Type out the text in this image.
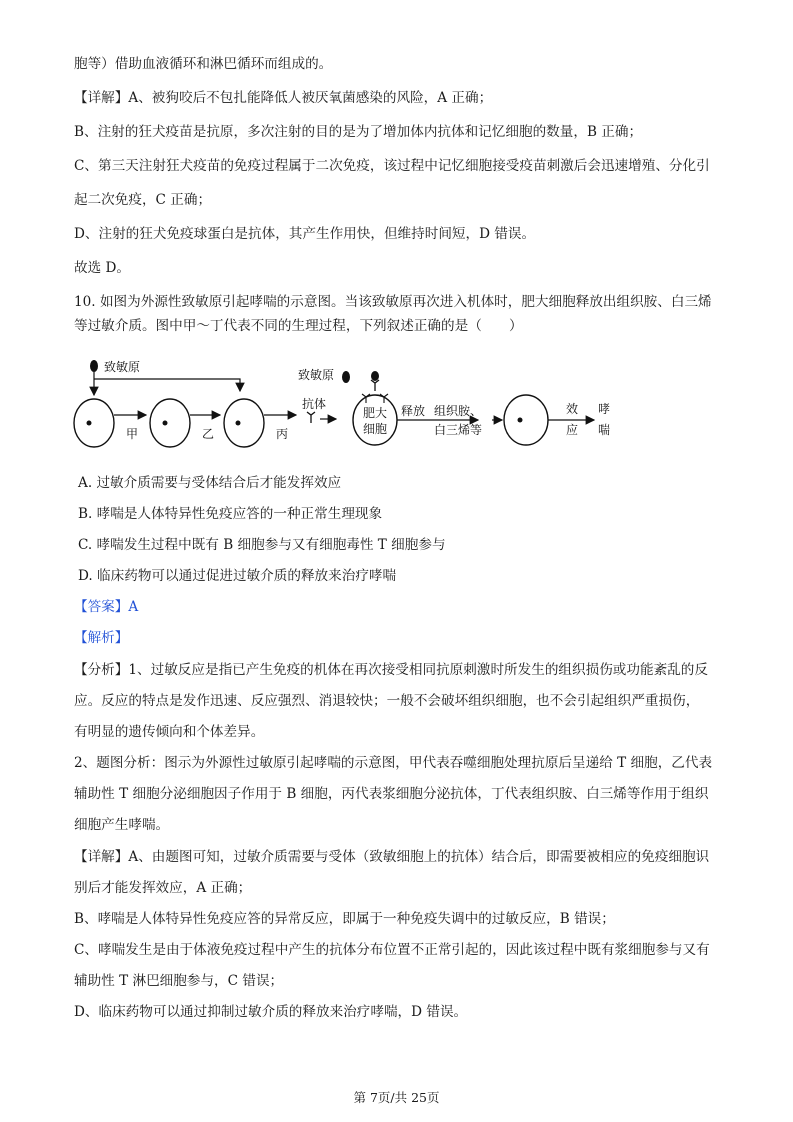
胞等）借助血液循环和淋巴循环而组成的。
【详解】A、被狗咬后不包扎能降低人被厌氧菌感染的风险，A 正确；
B、注射的狂犬疫苗是抗原，多次注射的目的是为了增加体内抗体和记忆细胞的数量，B 正确；
C、第三天注射狂犬疫苗的免疫过程属于二次免疫，该过程中记忆细胞接受疫苗刺激后会迅速增殖、分化引
起二次免疫，C 正确；
D、注射的狂犬免疫球蛋白是抗体，其产生作用快，但维持时间短，D 错误。
故选 D。
10. 如图为外源性致敏原引起哮喘的示意图。当该致敏原再次进入机体时，肥大细胞释放出组织胺、白三烯
等过敏介质。图中甲～丁代表不同的生理过程，下列叙述正确的是（　　）
致敏原
甲	乙	丙
抗体
致敏原
肥大
细胞
释放 组织胺、
白三烯等
效
应
哮
喘
A. 过敏介质需要与受体结合后才能发挥效应
B. 哮喘是人体特异性免疫应答的一种正常生理现象
C. 哮喘发生过程中既有 B 细胞参与又有细胞毒性 T 细胞参与
D. 临床药物可以通过促进过敏介质的释放来治疗哮喘
【答案】A
【解析】
【分析】1、过敏反应是指已产生免疫的机体在再次接受相同抗原刺激时所发生的组织损伤或功能紊乱的反
应。反应的特点是发作迅速、反应强烈、消退较快；一般不会破坏组织细胞，也不会引起组织严重损伤，
有明显的遗传倾向和个体差异。
2、题图分析：图示为外源性过敏原引起哮喘的示意图，甲代表吞噬细胞处理抗原后呈递给 T 细胞，乙代表
辅助性 T 细胞分泌细胞因子作用于 B 细胞，丙代表浆细胞分泌抗体，丁代表组织胺、白三烯等作用于组织
细胞产生哮喘。
【详解】A、由题图可知，过敏介质需要与受体（致敏细胞上的抗体）结合后，即需要被相应的免疫细胞识
别后才能发挥效应，A 正确；
B、哮喘是人体特异性免疫应答的异常反应，即属于一种免疫失调中的过敏反应，B 错误；
C、哮喘发生是由于体液免疫过程中产生的抗体分布位置不正常引起的，因此该过程中既有浆细胞参与又有
辅助性 T 淋巴细胞参与，C 错误；
D、临床药物可以通过抑制过敏介质的释放来治疗哮喘，D 错误。
第 7页/共 25页
